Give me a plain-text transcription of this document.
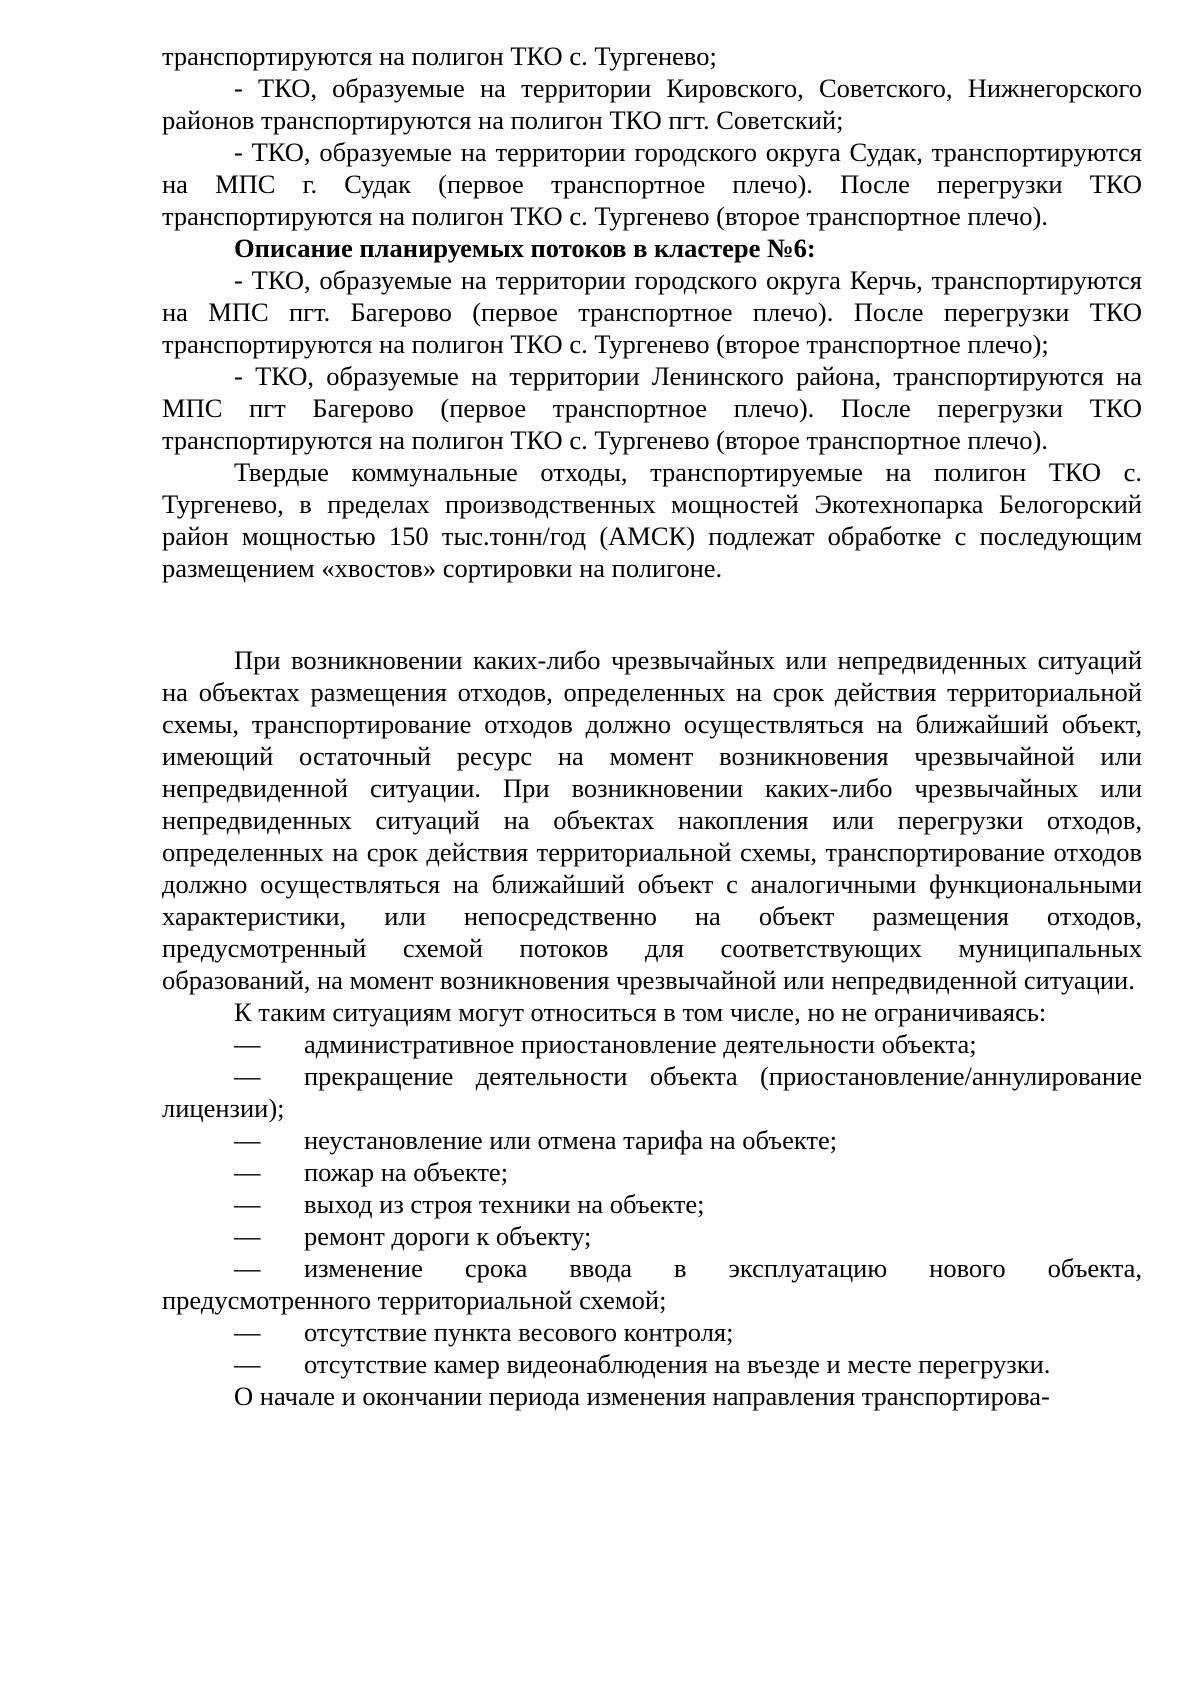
транспортируются на полигон ТКО с. Тургенево;

- ТКО, образуемые на территории Кировского, Советского, Нижнегорского районов транспортируются на полигон ТКО пгт. Советский;

- ТКО, образуемые на территории городского округа Судак, транспортируются на МПС г. Судак (первое транспортное плечо). После перегрузки ТКО транспортируются на полигон ТКО с. Тургенево (второе транспортное плечо).

Описание планируемых потоков в кластере №6:

- ТКО, образуемые на территории городского округа Керчь, транспортируются на МПС пгт. Багерово (первое транспортное плечо). После перегрузки ТКО транспортируются на полигон ТКО с. Тургенево (второе транспортное плечо);

- ТКО, образуемые на территории Ленинского района, транспортируются на МПС пгт Багерово (первое транспортное плечо). После перегрузки ТКО транспортируются на полигон ТКО с. Тургенево (второе транспортное плечо).

Твердые коммунальные отходы, транспортируемые на полигон ТКО с. Тургенево, в пределах производственных мощностей Экотехнопарка Белогорский район мощностью 150 тыс.тонн/год (АМСК) подлежат обработке с последующим размещением «хвостов» сортировки на полигоне.

При возникновении каких-либо чрезвычайных или непредвиденных ситуаций на объектах размещения отходов, определенных на срок действия территориальной схемы, транспортирование отходов должно осуществляться на ближайший объект, имеющий остаточный ресурс на момент возникновения чрезвычайной или непредвиденной ситуации. При возникновении каких-либо чрезвычайных или непредвиденных ситуаций на объектах накопления или перегрузки отходов, определенных на срок действия территориальной схемы, транспортирование отходов должно осуществляться на ближайший объект с аналогичными функциональными характеристики, или непосредственно на объект размещения отходов, предусмотренный схемой потоков для соответствующих муниципальных образований, на момент возникновения чрезвычайной или непредвиденной ситуации.

К таким ситуациям могут относиться в том числе, но не ограничиваясь:

— административное приостановление деятельности объекта;

— прекращение деятельности объекта (приостановление/аннулирование лицензии);

— неустановление или отмена тарифа на объекте;

— пожар на объекте;

— выход из строя техники на объекте;

— ремонт дороги к объекту;

— изменение срока ввода в эксплуатацию нового объекта, предусмотренного территориальной схемой;

— отсутствие пункта весового контроля;

— отсутствие камер видеонаблюдения на въезде и месте перегрузки.

О начале и окончании периода изменения направления транспортирова-
